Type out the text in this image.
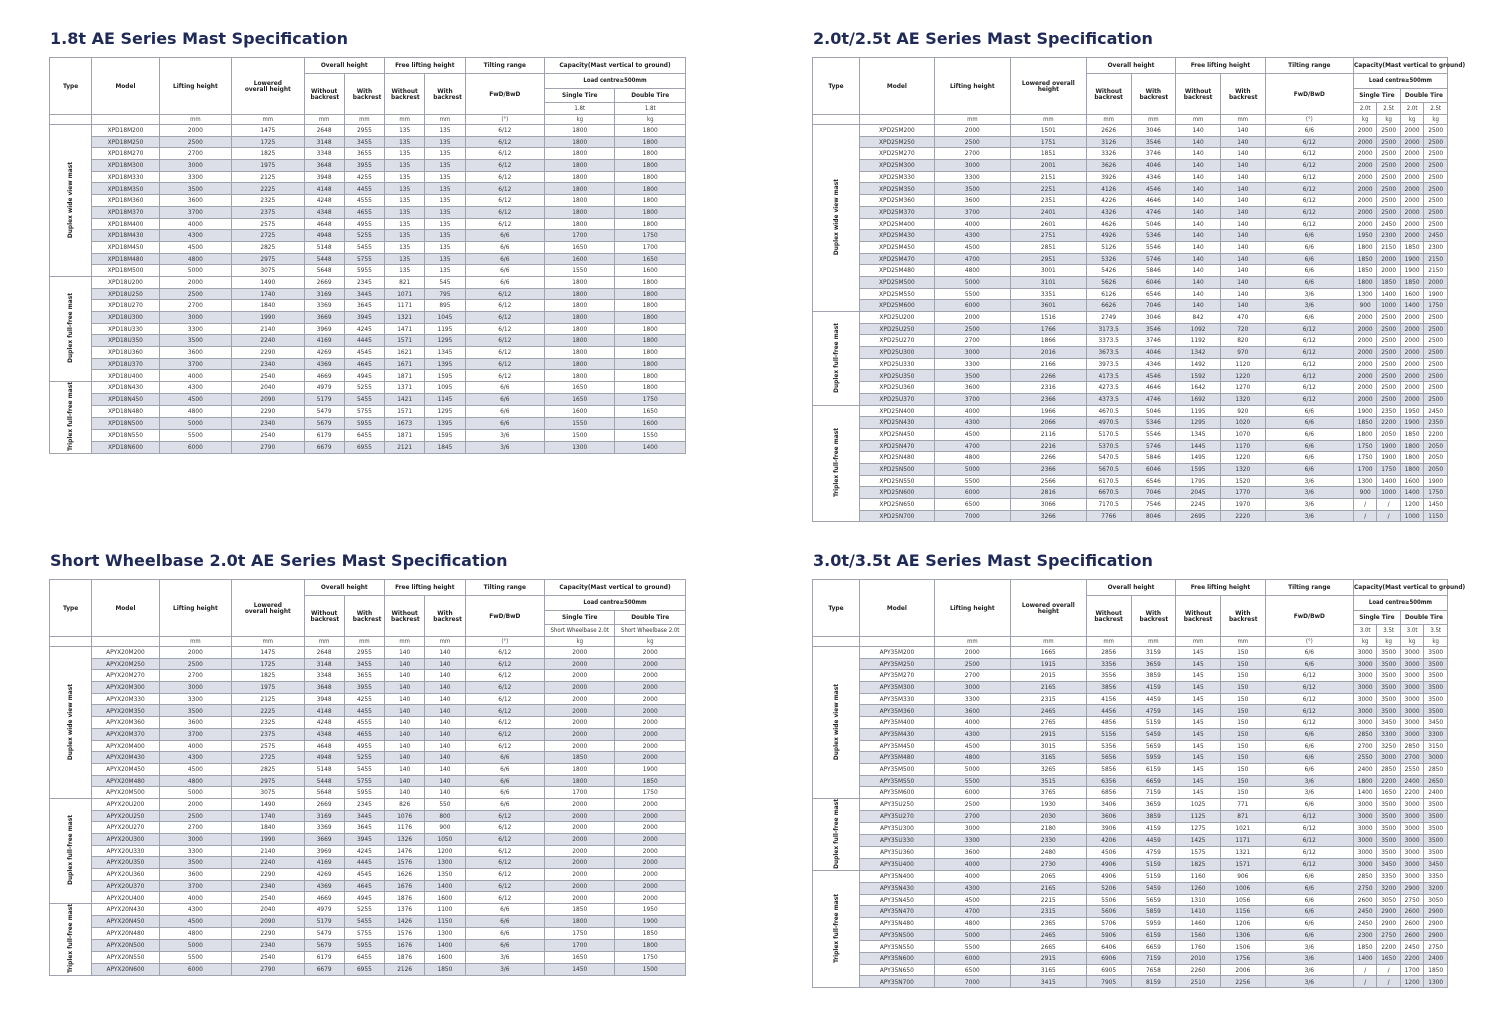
1.8t AE Series Mast Specification
Type	Model	Lifting height	Lowered overall height	Overall height		Free lifting height		Tilting range	Capacity(Mast vertical to ground)	
				Without backrest	With backrest	Without backrest	With backrest	FwD/BwD	Load centre≥500mm	
									Single Tire	Double Tire
									1.8t	1.8t
		mm	mm	mm	mm	mm	mm	(°)	kg	kg
Duplex wide view mast	XPD18M200	2000	1475	2648	2955	135	135	6/12	1800	1800
	XPD18M250	2500	1725	3148	3455	135	135	6/12	1800	1800
	XPD18M270	2700	1825	3348	3655	135	135	6/12	1800	1800
	XPD18M300	3000	1975	3648	3955	135	135	6/12	1800	1800
	XPD18M330	3300	2125	3948	4255	135	135	6/12	1800	1800
	XPD18M350	3500	2225	4148	4455	135	135	6/12	1800	1800
	XPD18M360	3600	2325	4248	4555	135	135	6/12	1800	1800
	XPD18M370	3700	2375	4348	4655	135	135	6/12	1800	1800
	XPD18M400	4000	2575	4648	4955	135	135	6/12	1800	1800
	XPD18M430	4300	2725	4948	5255	135	135	6/6	1700	1750
	XPD18M450	4500	2825	5148	5455	135	135	6/6	1650	1700
	XPD18M480	4800	2975	5448	5755	135	135	6/6	1600	1650
	XPD18M500	5000	3075	5648	5955	135	135	6/6	1550	1600
Duplex full-free mast	XPD18U200	2000	1490	2669	2345	821	545	6/6	1800	1800
	XPD18U250	2500	1740	3169	3445	1071	795	6/12	1800	1800
	XPD18U270	2700	1840	3369	3645	1171	895	6/12	1800	1800
	XPD18U300	3000	1990	3669	3945	1321	1045	6/12	1800	1800
	XPD18U330	3300	2140	3969	4245	1471	1195	6/12	1800	1800
	XPD18U350	3500	2240	4169	4445	1571	1295	6/12	1800	1800
	XPD18U360	3600	2290	4269	4545	1621	1345	6/12	1800	1800
	XPD18U370	3700	2340	4369	4645	1671	1395	6/12	1800	1800
	XPD18U400	4000	2540	4669	4945	1871	1595	6/12	1800	1800
Triplex full-free mast	XPD18N430	4300	2040	4979	5255	1371	1095	6/6	1650	1800
	XPD18N450	4500	2090	5179	5455	1421	1145	6/6	1650	1750
	XPD18N480	4800	2290	5479	5755	1571	1295	6/6	1600	1650
	XPD18N500	5000	2340	5679	5955	1673	1395	6/6	1550	1600
	XPD18N550	5500	2540	6179	6455	1871	1595	3/6	1500	1550
	XPD18N600	6000	2790	6679	6955	2121	1845	3/6	1300	1400
2.0t/2.5t AE Series Mast Specification
Type	Model	Lifting height	Lowered overall height	Overall height		Free lifting height		Tilting range	Capacity(Mast vertical to ground)			
				Without backrest	With backrest	Without backrest	With backrest	FwD/BwD	Load centre≥500mm			
									Single Tire		Double Tire	
									2.0t	2.5t	2.0t	2.5t
		mm	mm	mm	mm	mm	mm	(°)	kg	kg	kg	kg
Duplex wide view mast	XPD25M200	2000	1501	2626	3046	140	140	6/6	2000	2500	2000	2500
	XPD25M250	2500	1751	3126	3546	140	140	6/12	2000	2500	2000	2500
	XPD25M270	2700	1851	3326	3746	140	140	6/12	2000	2500	2000	2500
	XPD25M300	3000	2001	3626	4046	140	140	6/12	2000	2500	2000	2500
	XPD25M330	3300	2151	3926	4346	140	140	6/12	2000	2500	2000	2500
	XPD25M350	3500	2251	4126	4546	140	140	6/12	2000	2500	2000	2500
	XPD25M360	3600	2351	4226	4646	140	140	6/12	2000	2500	2000	2500
	XPD25M370	3700	2401	4326	4746	140	140	6/12	2000	2500	2000	2500
	XPD25M400	4000	2601	4626	5046	140	140	6/12	2000	2450	2000	2500
	XPD25M430	4300	2751	4926	5346	140	140	6/6	1950	2300	2000	2450
	XPD25M450	4500	2851	5126	5546	140	140	6/6	1800	2150	1850	2300
	XPD25M470	4700	2951	5326	5746	140	140	6/6	1850	2000	1900	2150
	XPD25M480	4800	3001	5426	5846	140	140	6/6	1850	2000	1900	2150
	XPD25M500	5000	3101	5626	6046	140	140	6/6	1800	1850	1850	2000
	XPD25M550	5500	3351	6126	6546	140	140	3/6	1300	1400	1600	1900
	XPD25M600	6000	3601	6626	7046	140	140	3/6	900	1000	1400	1750
Duplex full-free mast	XPD25U200	2000	1516	2749	3046	842	470	6/6	2000	2500	2000	2500
	XPD25U250	2500	1766	3173.5	3546	1092	720	6/12	2000	2500	2000	2500
	XPD25U270	2700	1866	3373.5	3746	1192	820	6/12	2000	2500	2000	2500
	XPD25U300	3000	2016	3673.5	4046	1342	970	6/12	2000	2500	2000	2500
	XPD25U330	3300	2166	3973.5	4346	1492	1120	6/12	2000	2500	2000	2500
	XPD25U350	3500	2266	4173.5	4546	1592	1220	6/12	2000	2500	2000	2500
	XPD25U360	3600	2316	4273.5	4646	1642	1270	6/12	2000	2500	2000	2500
	XPD25U370	3700	2366	4373.5	4746	1692	1320	6/12	2000	2500	2000	2500
Triplex full-free mast	XPD25N400	4000	1966	4670.5	5046	1195	920	6/6	1900	2350	1950	2450
	XPD25N430	4300	2066	4970.5	5346	1295	1020	6/6	1850	2200	1900	2350
	XPD25N450	4500	2116	5170.5	5546	1345	1070	6/6	1800	2050	1850	2200
	XPD25N470	4700	2216	5370.5	5746	1445	1170	6/6	1750	1900	1800	2050
	XPD25N480	4800	2266	5470.5	5846	1495	1220	6/6	1750	1900	1800	2050
	XPD25N500	5000	2366	5670.5	6046	1595	1320	6/6	1700	1750	1800	2050
	XPD25N550	5500	2566	6170.5	6546	1795	1520	3/6	1300	1400	1600	1900
	XPD25N600	6000	2816	6670.5	7046	2045	1770	3/6	900	1000	1400	1750
	XPD25N650	6500	3066	7170.5	7546	2245	1970	3/6	/	/	1200	1450
	XPD25N700	7000	3266	7766	8046	2695	2220	3/6	/	/	1000	1150
Short Wheelbase 2.0t AE Series Mast Specification
Type	Model	Lifting height	Lowered overall height	Overall height		Free lifting height		Tilting range	Capacity(Mast vertical to ground)	
				Without backrest	With backrest	Without backrest	With backrest	FwD/BwD	Load centre≥500mm	
									Single Tire	Double Tire
									Short Wheelbase 2.0t	Short Wheelbase 2.0t
		mm	mm	mm	mm	mm	mm	(°)	kg	kg
Duplex wide view mast	APYX20M200	2000	1475	2648	2955	140	140	6/12	2000	2000
	APYX20M250	2500	1725	3148	3455	140	140	6/12	2000	2000
	APYX20M270	2700	1825	3348	3655	140	140	6/12	2000	2000
	APYX20M300	3000	1975	3648	3955	140	140	6/12	2000	2000
	APYX20M330	3300	2125	3948	4255	140	140	6/12	2000	2000
	APYX20M350	3500	2225	4148	4455	140	140	6/12	2000	2000
	APYX20M360	3600	2325	4248	4555	140	140	6/12	2000	2000
	APYX20M370	3700	2375	4348	4655	140	140	6/12	2000	2000
	APYX20M400	4000	2575	4648	4955	140	140	6/12	2000	2000
	APYX20M430	4300	2725	4948	5255	140	140	6/6	1850	2000
	APYX20M450	4500	2825	5148	5455	140	140	6/6	1800	1900
	APYX20M480	4800	2975	5448	5755	140	140	6/6	1800	1850
	APYX20M500	5000	3075	5648	5955	140	140	6/6	1700	1750
Duplex full-free mast	APYX20U200	2000	1490	2669	2345	826	550	6/6	2000	2000
	APYX20U250	2500	1740	3169	3445	1076	800	6/12	2000	2000
	APYX20U270	2700	1840	3369	3645	1176	900	6/12	2000	2000
	APYX20U300	3000	1990	3669	3945	1326	1050	6/12	2000	2000
	APYX20U330	3300	2140	3969	4245	1476	1200	6/12	2000	2000
	APYX20U350	3500	2240	4169	4445	1576	1300	6/12	2000	2000
	APYX20U360	3600	2290	4269	4545	1626	1350	6/12	2000	2000
	APYX20U370	3700	2340	4369	4645	1676	1400	6/12	2000	2000
	APYX20U400	4000	2540	4669	4945	1876	1600	6/12	2000	2000
Triplex full-free mast	APYX20N430	4300	2040	4979	5255	1376	1100	6/6	1850	1950
	APYX20N450	4500	2090	5179	5455	1426	1150	6/6	1800	1900
	APYX20N480	4800	2290	5479	5755	1576	1300	6/6	1750	1850
	APYX20N500	5000	2340	5679	5955	1676	1400	6/6	1700	1800
	APYX20N550	5500	2540	6179	6455	1876	1600	3/6	1650	1750
	APYX20N600	6000	2790	6679	6955	2126	1850	3/6	1450	1500
3.0t/3.5t AE Series Mast Specification
Type	Model	Lifting height	Lowered overall height	Overall height		Free lifting height		Tilting range	Capacity(Mast vertical to ground)			
				Without backrest	With backrest	Without backrest	With backrest	FwD/BwD	Load centre≥500mm			
									Single Tire		Double Tire	
									3.0t	3.5t	3.0t	3.5t
		mm	mm	mm	mm	mm	mm	(°)	kg	kg	kg	kg
Duplex wide view mast	APY35M200	2000	1665	2856	3159	145	150	6/6	3000	3500	3000	3500
	APY35M250	2500	1915	3356	3659	145	150	6/6	3000	3500	3000	3500
	APY35M270	2700	2015	3556	3859	145	150	6/12	3000	3500	3000	3500
	APY35M300	3000	2165	3856	4159	145	150	6/12	3000	3500	3000	3500
	APY35M330	3300	2315	4156	4459	145	150	6/12	3000	3500	3000	3500
	APY35M360	3600	2465	4456	4759	145	150	6/12	3000	3500	3000	3500
	APY35M400	4000	2765	4856	5159	145	150	6/12	3000	3450	3000	3450
	APY35M430	4300	2915	5156	5459	145	150	6/6	2850	3300	3000	3300
	APY35M450	4500	3015	5356	5659	145	150	6/6	2700	3250	2850	3150
	APY35M480	4800	3165	5656	5959	145	150	6/6	2550	3000	2700	3000
	APY35M500	5000	3265	5856	6159	145	150	6/6	2400	2850	2550	2850
	APY35M550	5500	3515	6356	6659	145	150	3/6	1800	2200	2400	2650
	APY35M600	6000	3765	6856	7159	145	150	3/6	1400	1650	2200	2400
Duplex full-free mast	APY35U250	2500	1930	3406	3659	1025	771	6/6	3000	3500	3000	3500
	APY35U270	2700	2030	3606	3859	1125	871	6/12	3000	3500	3000	3500
	APY35U300	3000	2180	3906	4159	1275	1021	6/12	3000	3500	3000	3500
	APY35U330	3300	2330	4206	4459	1425	1171	6/12	3000	3500	3000	3500
	APY35U360	3600	2480	4506	4759	1575	1321	6/12	3000	3500	3000	3500
	APY35U400	4000	2730	4906	5159	1825	1571	6/12	3000	3450	3000	3450
Triplex full-free mast	APY35N400	4000	2065	4906	5159	1160	906	6/6	2850	3350	3000	3350
	APY35N430	4300	2165	5206	5459	1260	1006	6/6	2750	3200	2900	3200
	APY35N450	4500	2215	5506	5659	1310	1056	6/6	2600	3050	2750	3050
	APY35N470	4700	2315	5606	5859	1410	1156	6/6	2450	2900	2600	2900
	APY35N480	4800	2365	5706	5959	1460	1206	6/6	2450	2900	2600	2900
	APY35N500	5000	2465	5906	6159	1560	1306	6/6	2300	2750	2600	2900
	APY35N550	5500	2665	6406	6659	1760	1506	3/6	1850	2200	2450	2750
	APY35N600	6000	2915	6906	7159	2010	1756	3/6	1400	1650	2200	2400
	APY35N650	6500	3165	6905	7658	2260	2006	3/6	/	/	1700	1850
	APY35N700	7000	3415	7905	8159	2510	2256	3/6	/	/	1200	1300
